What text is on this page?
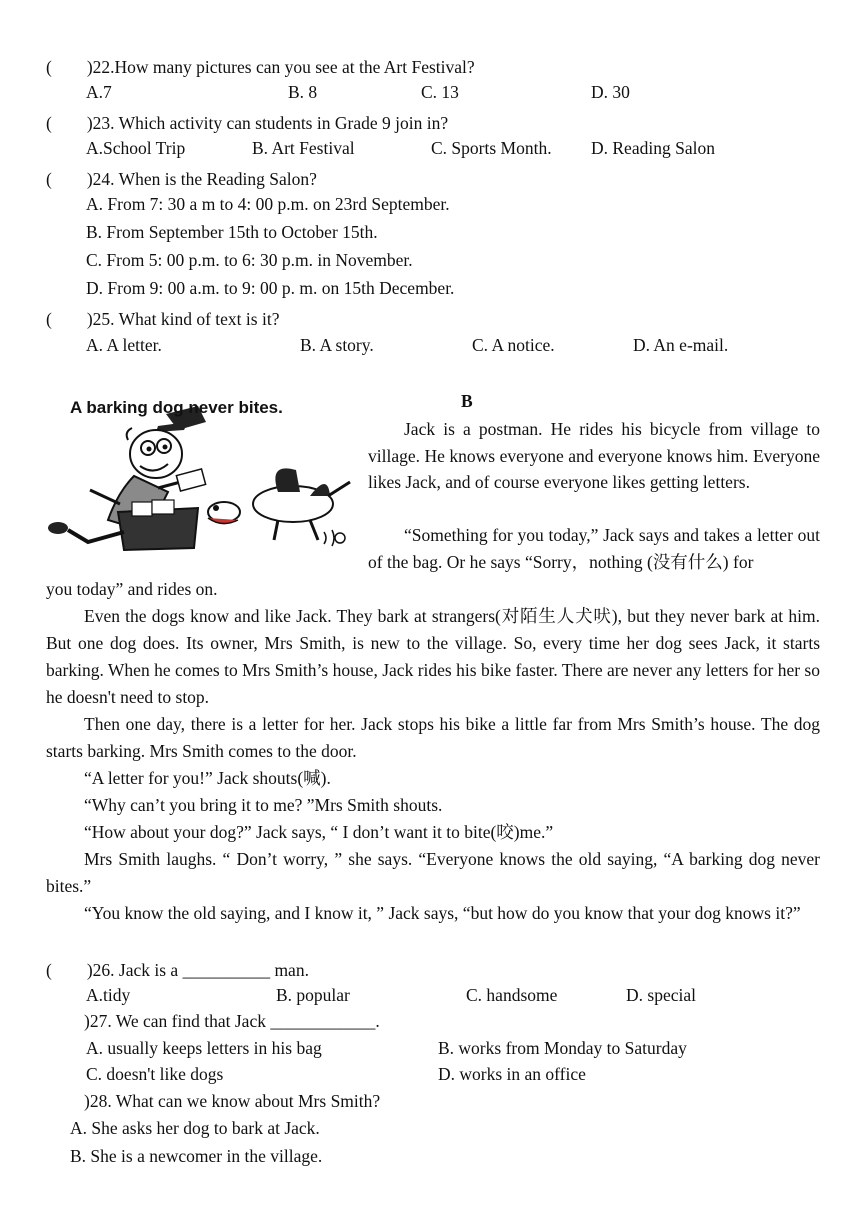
(　　)22.How many pictures can you see at the Art Festival?
A.7	B. 8	C. 13	D. 30
(　　)23. Which activity can students in Grade 9 join in?
A.School Trip	B. Art Festival	C. Sports Month. D. Reading Salon
(　　)24. When is the Reading Salon?
A. From 7: 30 a m to 4: 00 p.m. on 23rd September.
B. From September 15th to October 15th.
C. From 5: 00 p.m. to 6: 30 p.m. in November.
D. From 9: 00 a.m. to 9: 00 p. m. on 15th December.
(　　)25. What kind of text is it?
A. A letter.	B. A story.	C. A notice.	D. An e-mail.
A barking dog never bites.	B
Jack is a postman. He rides his bicycle from village to village. He knows everyone and everyone knows him. Everyone likes Jack, and of course everyone likes getting letters.
“Something for you today,” Jack says and takes a letter out of the bag. Or he says “Sorry，nothing (没有什么) for
you today” and rides on.
Even the dogs know and like Jack. They bark at strangers(对陌生人犬吠), but they never bark at him. But one dog does. Its owner, Mrs Smith, is new to the village. So, every time her dog sees Jack, it starts barking. When he comes to Mrs Smith’s house, Jack rides his bike faster. There are never any letters for her so he doesn't need to stop.
Then one day, there is a letter for her. Jack stops his bike a little far from Mrs Smith’s house. The dog starts barking. Mrs Smith comes to the door.
“A letter for you!” Jack shouts(喊).
“Why can’t you bring it to me? ”Mrs Smith shouts.
“How about your dog?” Jack says, “ I don’t want it to bite(咬)me.”
Mrs Smith laughs. “ Don’t worry, ” she says. “Everyone knows the old saying, “A barking dog never bites.”
“You know the old saying, and I know it, ” Jack says, “but how do you know that your dog knows it?”
(　　)26. Jack is a __________ man.
A.tidy	B. popular	C. handsome	D. special
)27. We can find that Jack ____________.
A. usually keeps letters in his bag	B. works from Monday to Saturday
C. doesn't like dogs	D. works in an office
)28. What can we know about Mrs Smith?
A. She asks her dog to bark at Jack.
B. She is a newcomer in the village.
